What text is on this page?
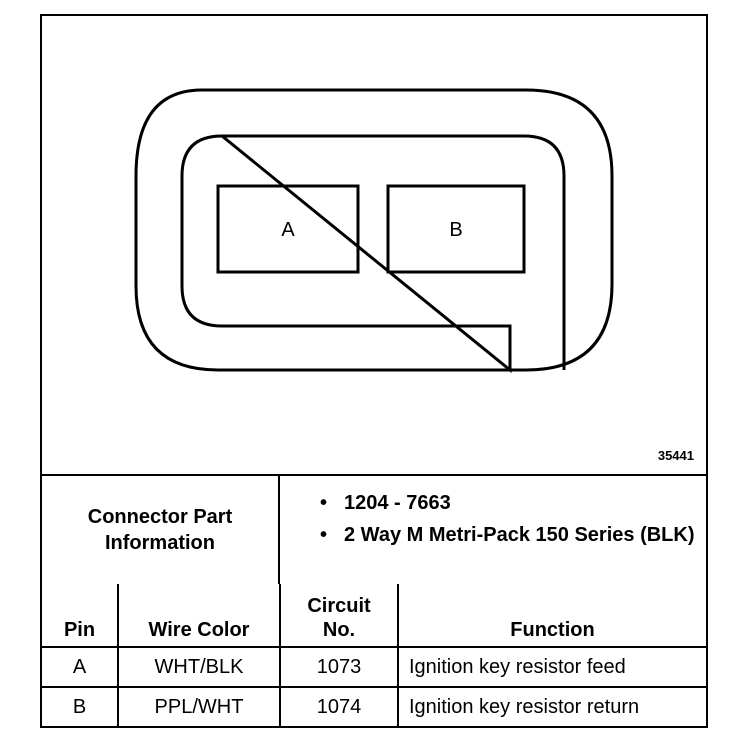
A	B
35441
Connector Part Information
• 1204 - 7663
• 2 Way M Metri-Pack 150 Series (BLK)
Pin	Wire Color	Circuit No.	Function
A	WHT/BLK	1073	Ignition key resistor feed
B	PPL/WHT	1074	Ignition key resistor return
